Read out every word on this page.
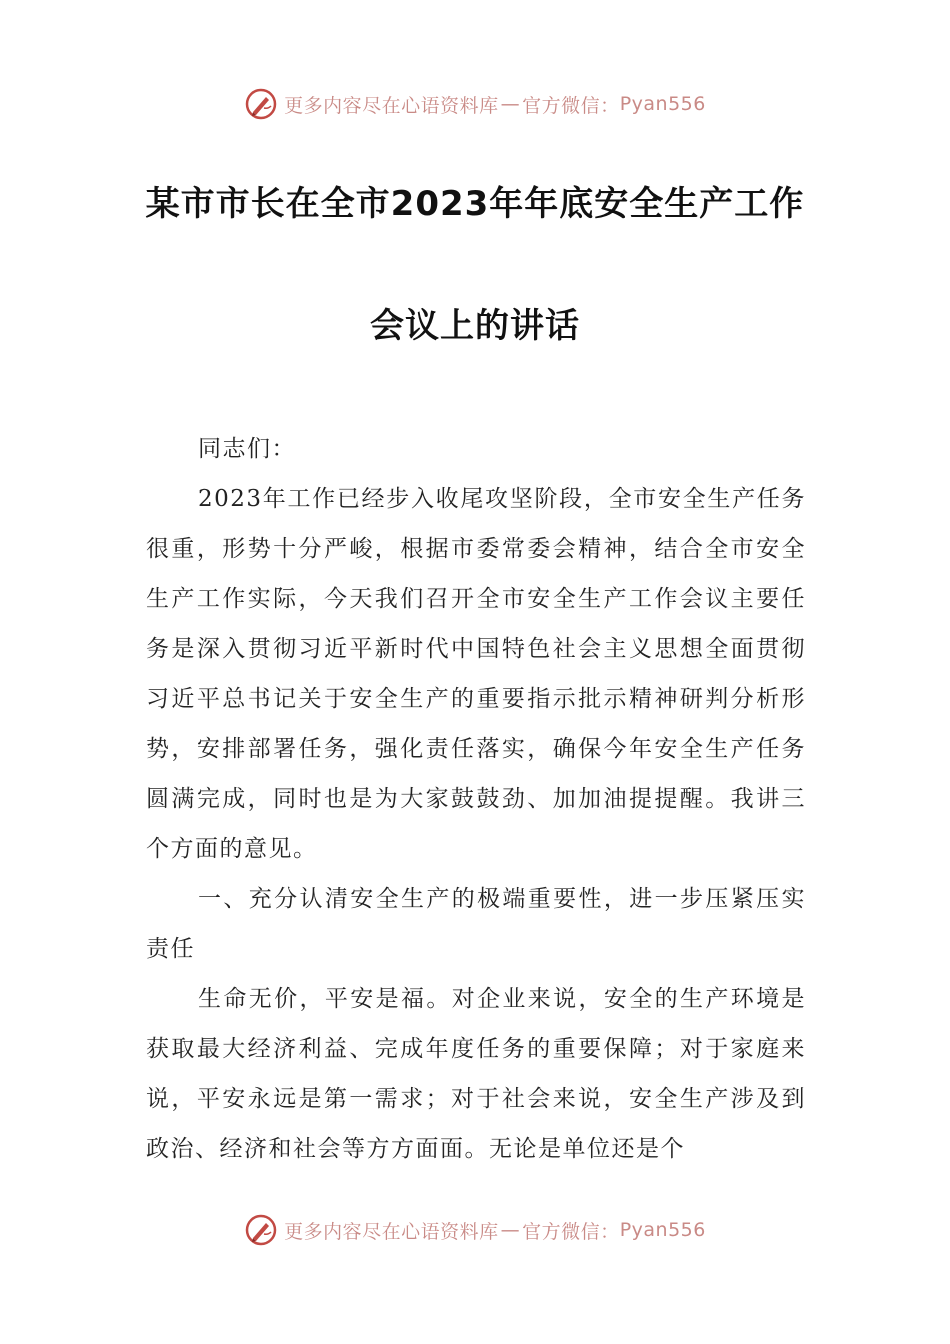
更多内容尽在心语资料库 — 官方微信： Pyan556
某市市长在全市2023年年底安全生产工作
会议上的讲话

同志们：

2023年工作已经步入收尾攻坚阶段，全市安全生产任务很重，形势十分严峻，根据市委常委会精神，结合全市安全生产工作实际，今天我们召开全市安全生产工作会议主要任务是深入贯彻习近平新时代中国特色社会主义思想全面贯彻习近平总书记关于安全生产的重要指示批示精神研判分析形势，安排部署任务，强化责任落实，确保今年安全生产任务圆满完成，同时也是为大家鼓鼓劲、加加油提提醒。我讲三个方面的意见。

一、充分认清安全生产的极端重要性，进一步压紧压实责任

生命无价，平安是福。对企业来说，安全的生产环境是获取最大经济利益、完成年度任务的重要保障；对于家庭来说，平安永远是第一需求；对于社会来说，安全生产涉及到政治、经济和社会等方方面面。无论是单位还是个

更多内容尽在心语资料库 — 官方微信： Pyan556
